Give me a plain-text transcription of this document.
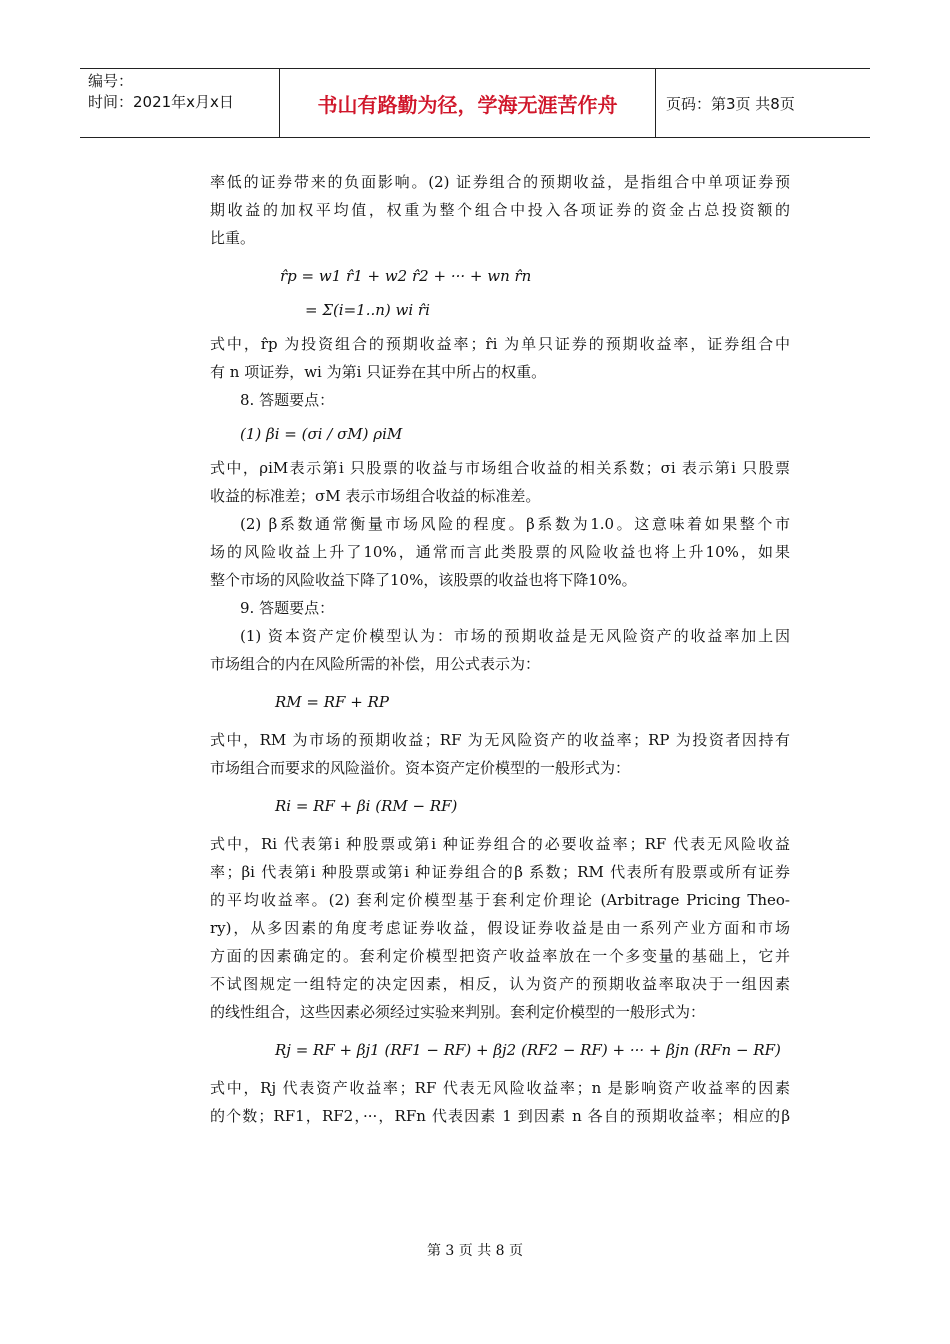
编号：
时间：2021年x月x日	书山有路勤为径，学海无涯苦作舟	页码：第3页 共8页
率低的证券带来的负面影响。(2) 证券组合的预期收益，是指组合中单项证券预
期收益的加权平均值，权重为整个组合中投入各项证券的资金占总投资额的
比重。
r̂p = w1 r̂1 + w2 r̂2 + ··· + wn r̂n
= Σ(i=1..n) wi r̂i
式中，r̂p 为投资组合的预期收益率；r̂i 为单只证券的预期收益率，证券组合中
有 n 项证券，wi 为第i 只证券在其中所占的权重。
8. 答题要点：
(1) βi = (σi / σM) ρiM
式中，ρiM表示第i 只股票的收益与市场组合收益的相关系数；σi 表示第i 只股票
收益的标准差；σM 表示市场组合收益的标准差。
(2) β系数通常衡量市场风险的程度。β系数为1.0。这意味着如果整个市
场的风险收益上升了10%，通常而言此类股票的风险收益也将上升10%，如果
整个市场的风险收益下降了10%，该股票的收益也将下降10%。
9. 答题要点：
(1) 资本资产定价模型认为：市场的预期收益是无风险资产的收益率加上因
市场组合的内在风险所需的补偿，用公式表示为：
RM = RF + RP
式中，RM 为市场的预期收益；RF 为无风险资产的收益率；RP 为投资者因持有
市场组合而要求的风险溢价。资本资产定价模型的一般形式为：
Ri = RF + βi (RM − RF)
式中，Ri 代表第i 种股票或第i 种证券组合的必要收益率；RF 代表无风险收益
率；βi 代表第i 种股票或第i 种证券组合的β 系数；RM 代表所有股票或所有证券
的平均收益率。(2) 套利定价模型基于套利定价理论 (Arbitrage Pricing Theo-
ry)，从多因素的角度考虑证券收益，假设证券收益是由一系列产业方面和市场
方面的因素确定的。套利定价模型把资产收益率放在一个多变量的基础上，它并
不试图规定一组特定的决定因素，相反，认为资产的预期收益率取决于一组因素
的线性组合，这些因素必须经过实验来判别。套利定价模型的一般形式为：
Rj = RF + βj1 (RF1 − RF) + βj2 (RF2 − RF) + ··· + βjn (RFn − RF)
式中，Rj 代表资产收益率；RF 代表无风险收益率；n 是影响资产收益率的因素
的个数；RF1，RF2，···，RFn 代表因素 1 到因素 n 各自的预期收益率；相应的β
第 3 页 共 8 页
